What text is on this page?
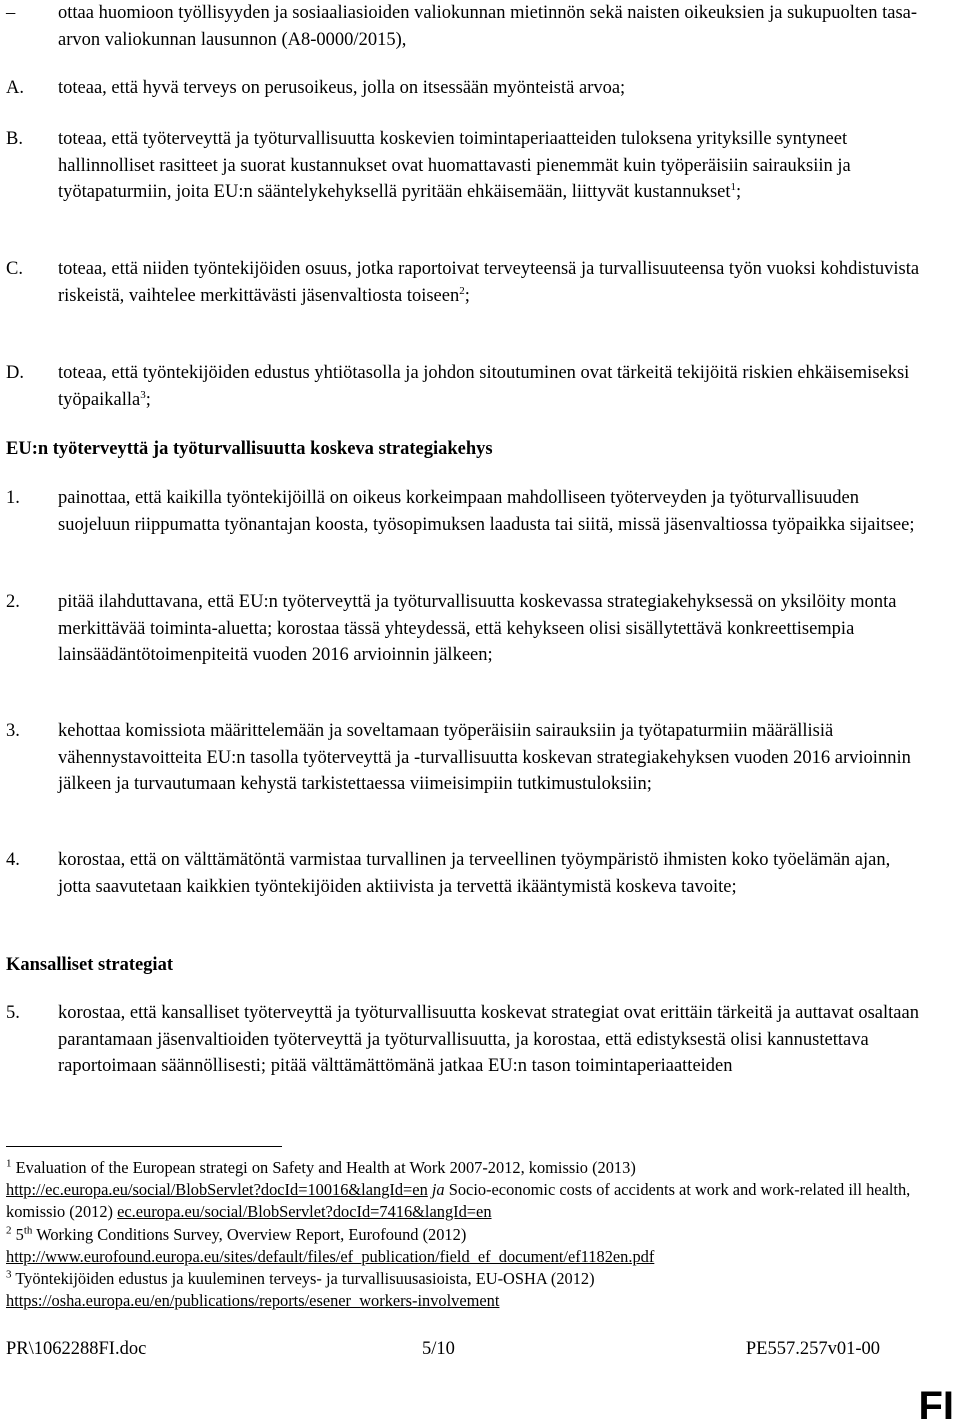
– ottaa huomioon työllisyyden ja sosiaaliasioiden valiokunnan mietinnön sekä naisten oikeuksien ja sukupuolten tasa-arvon valiokunnan lausunnon (A8-0000/2015),
A. toteaa, että hyvä terveys on perusoikeus, jolla on itsessään myönteistä arvoa;
B. toteaa, että työterveyttä ja työturvallisuutta koskevien toimintaperiaatteiden tuloksena yrityksille syntyneet hallinnolliset rasitteet ja suorat kustannukset ovat huomattavasti pienemmät kuin työperäisiin sairauksiin ja työtapaturmiin, joita EU:n sääntelykehyksellä pyritään ehkäisemään, liittyvät kustannukset$^1$;
C. toteaa, että niiden työntekijöiden osuus, jotka raportoivat terveyteensä ja turvallisuuteensa työn vuoksi kohdistuvista riskeistä, vaihtelee merkittävästi jäsenvaltiosta toiseen$^2$;
D. toteaa, että työntekijöiden edustus yhtiötasolla ja johdon sitoutuminen ovat tärkeitä tekijöitä riskien ehkäisemiseksi työpaikalla$^3$;
EU:n työterveyttä ja työturvallisuutta koskeva strategiakehys
1. painottaa, että kaikilla työntekijöillä on oikeus korkeimpaan mahdolliseen työterveyden ja työturvallisuuden suojeluun riippumatta työnantajan koosta, työsopimuksen laadusta tai siitä, missä jäsenvaltiossa työpaikka sijaitsee;
2. pitää ilahduttavana, että EU:n työterveyttä ja työturvallisuutta koskevassa strategiakehyksessä on yksilöity monta merkittävää toiminta-aluetta; korostaa tässä yhteydessä, että kehykseen olisi sisällytettävä konkreettisempia lainsäädäntötoimenpiteitä vuoden 2016 arvioinnin jälkeen;
3. kehottaa komissiota määrittelemään ja soveltamaan työperäisiin sairauksiin ja työtapaturmiin määrällisiä vähennystavoitteita EU:n tasolla työterveyttä ja -turvallisuutta koskevan strategiakehyksen vuoden 2016 arvioinnin jälkeen ja turvautumaan kehystä tarkistettaessa viimeisimpiin tutkimustuloksiin;
4. korostaa, että on välttämätöntä varmistaa turvallinen ja terveellinen työympäristö ihmisten koko työelämän ajan, jotta saavutetaan kaikkien työntekijöiden aktiivista ja tervettä ikääntymistä koskeva tavoite;
Kansalliset strategiat
5. korostaa, että kansalliset työterveyttä ja työturvallisuutta koskevat strategiat ovat erittäin tärkeitä ja auttavat osaltaan parantamaan jäsenvaltioiden työterveyttä ja työturvallisuutta, ja korostaa, että edistyksestä olisi kannustettava raportoimaan säännöllisesti; pitää välttämättömänä jatkaa EU:n tason toimintaperiaatteiden
$^1$ Evaluation of the European strategi on Safety and Health at Work 2007-2012, komissio (2013)
http://ec.europa.eu/social/BlobServlet?docId=10016&langId=en ja Socio-economic costs of accidents at work and work-related ill health, komissio (2012) ec.europa.eu/social/BlobServlet?docId=7416&langId=en
$^2$ 5th Working Conditions Survey, Overview Report, Eurofound (2012)
http://www.eurofound.europa.eu/sites/default/files/ef_publication/field_ef_document/ef1182en.pdf
$^3$ Työntekijöiden edustus ja kuuleminen terveys- ja turvallisuusasioista, EU-OSHA (2012)
https://osha.europa.eu/en/publications/reports/esener_workers-involvement
PR\1062288FI.doc	5/10	PE557.257v01-00
FI
